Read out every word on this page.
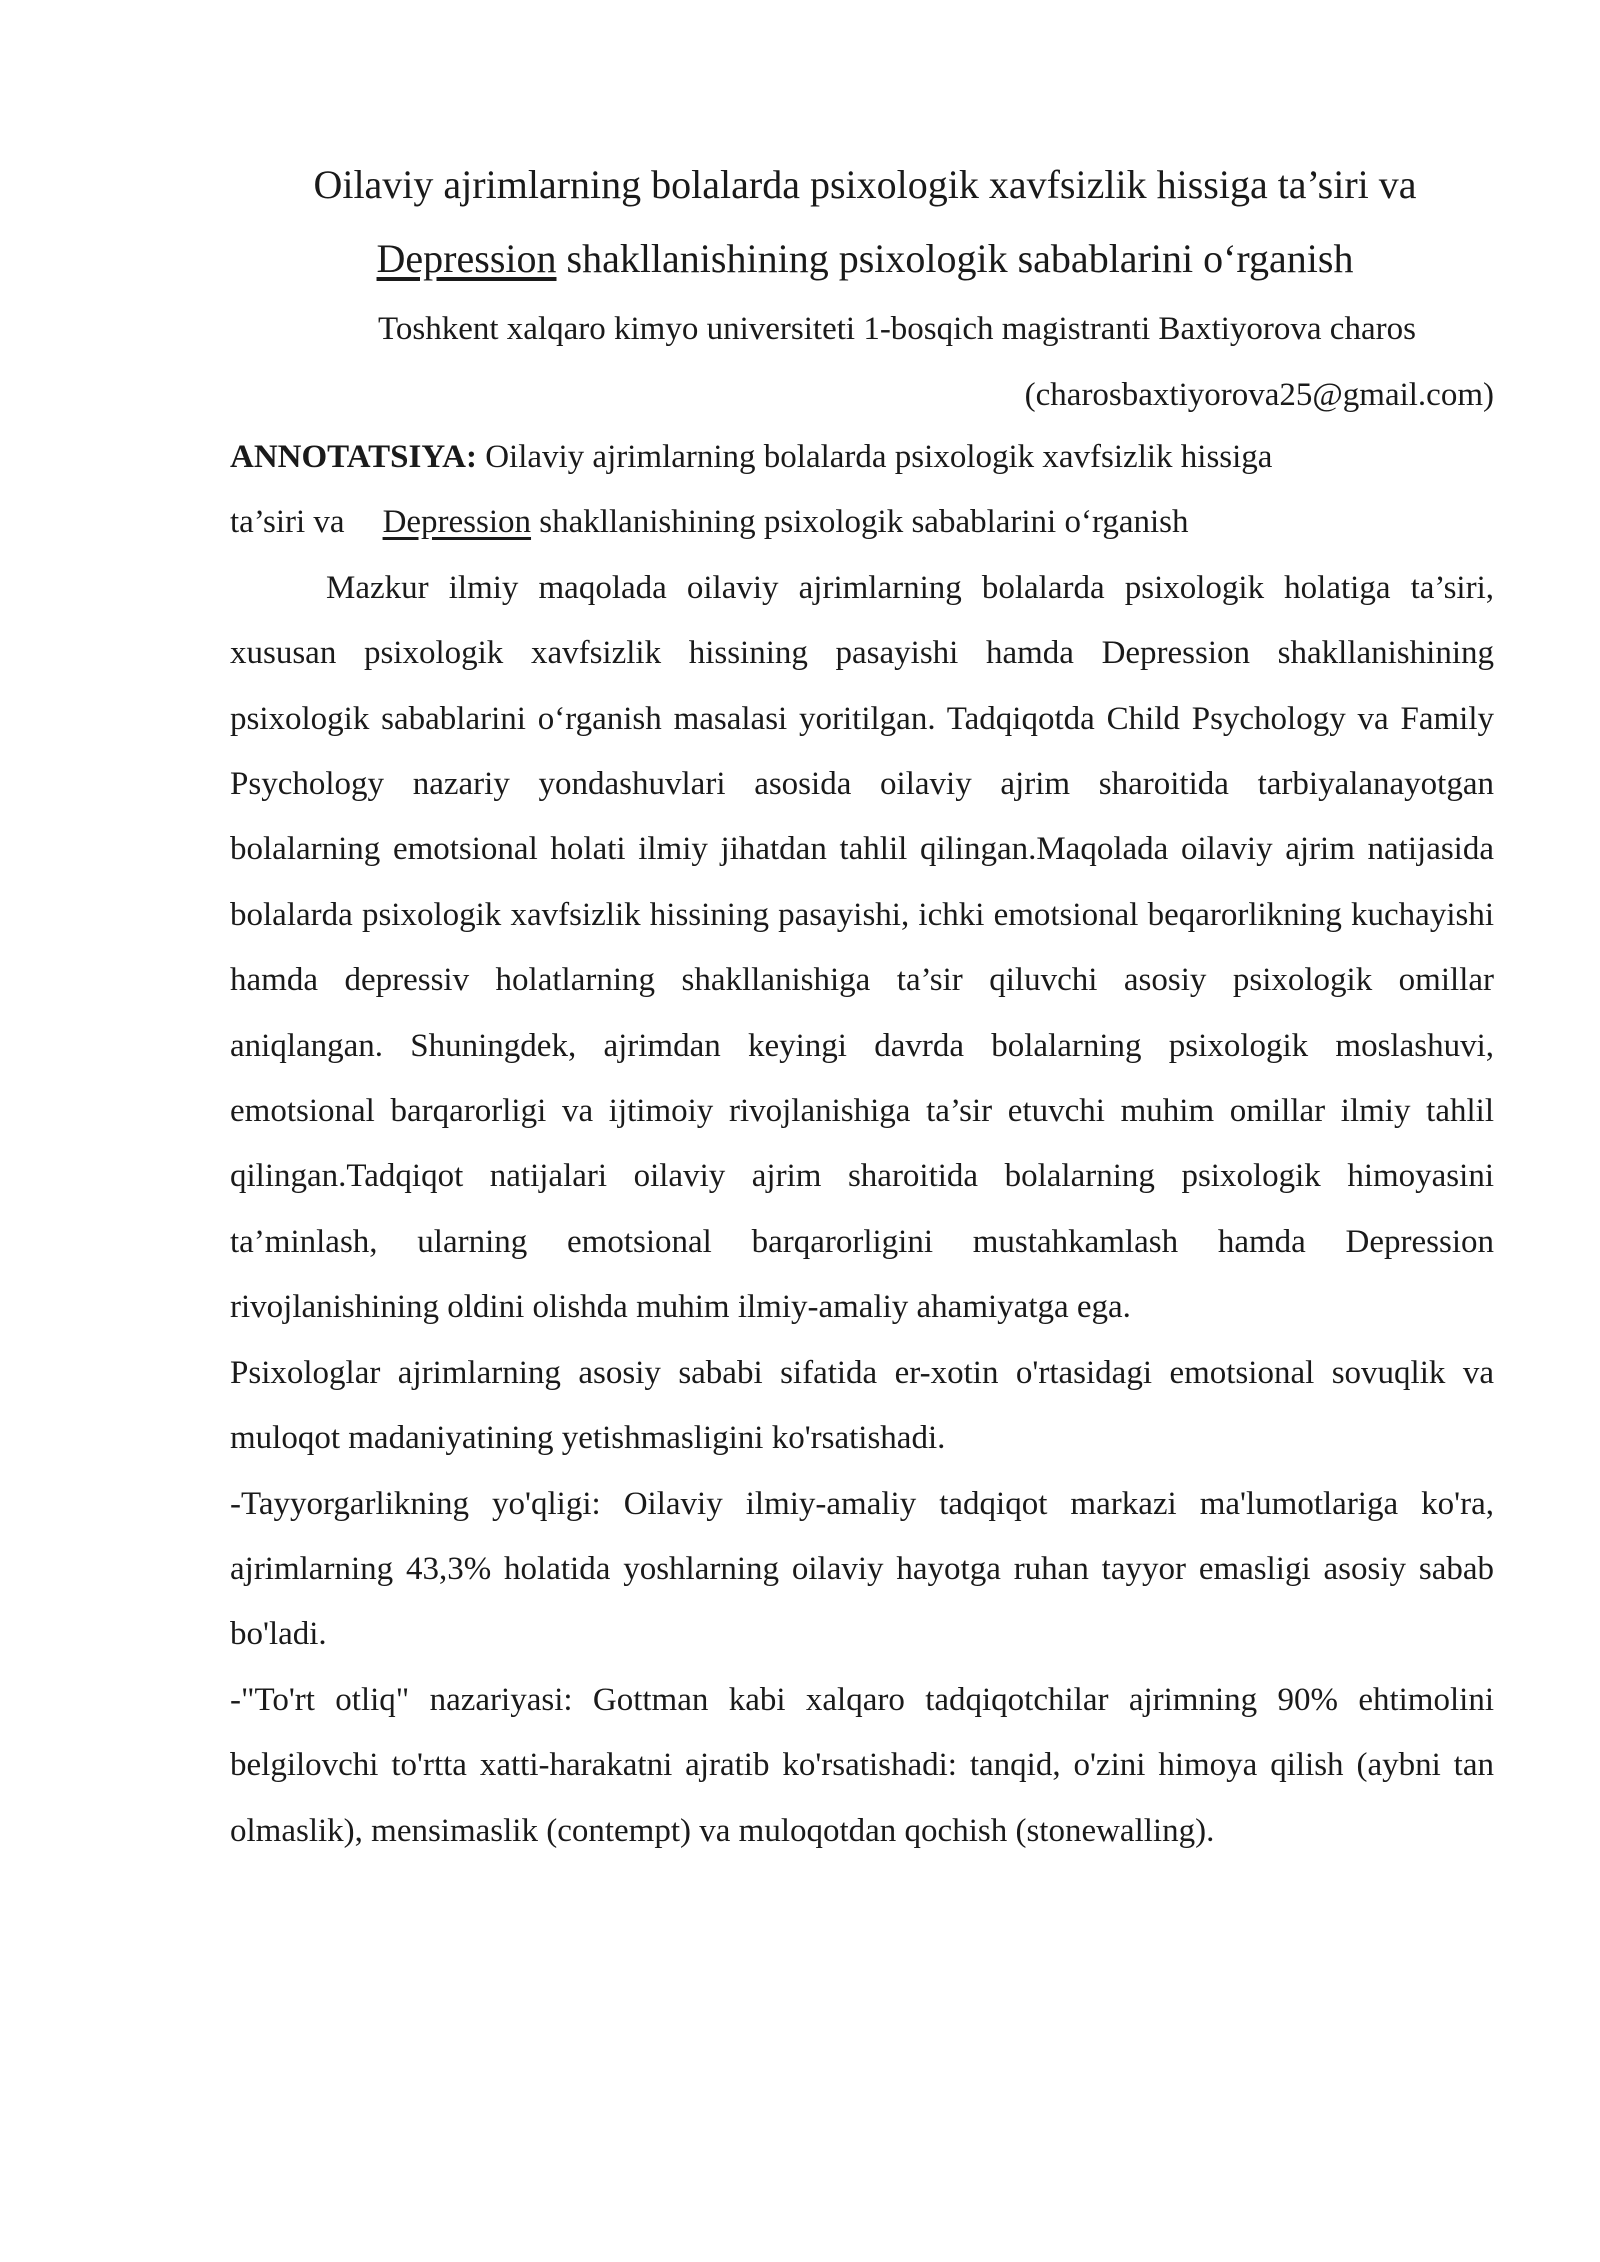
Oilaviy ajrimlarning bolalarda psixologik xavfsizlik hissiga ta’siri va
Depression shakllanishining psixologik sabablarini o‘rganish
Toshkent xalqaro kimyo universiteti 1-bosqich magistranti Baxtiyorova charos
(charosbaxtiyorova25@gmail.com)

ANNOTATSIYA: Oilaviy ajrimlarning bolalarda psixologik xavfsizlik hissiga

ta’siri va Depression shakllanishining psixologik sabablarini o‘rganish

Mazkur ilmiy maqolada oilaviy ajrimlarning bolalarda psixologik holatiga ta’siri, xususan psixologik xavfsizlik hissining pasayishi hamda Depression shakllanishining psixologik sabablarini o‘rganish masalasi yoritilgan. Tadqiqotda Child Psychology va Family Psychology nazariy yondashuvlari asosida oilaviy ajrim sharoitida tarbiyalanayotgan bolalarning emotsional holati ilmiy jihatdan tahlil qilingan.Maqolada oilaviy ajrim natijasida bolalarda psixologik xavfsizlik hissining pasayishi, ichki emotsional beqarorlikning kuchayishi hamda depressiv holatlarning shakllanishiga ta’sir qiluvchi asosiy psixologik omillar aniqlangan. Shuningdek, ajrimdan keyingi davrda bolalarning psixologik moslashuvi, emotsional barqarorligi va ijtimoiy rivojlanishiga ta’sir etuvchi muhim omillar ilmiy tahlil qilingan.Tadqiqot natijalari oilaviy ajrim sharoitida bolalarning psixologik himoyasini ta’minlash, ularning emotsional barqarorligini mustahkamlash hamda Depression rivojlanishining oldini olishda muhim ilmiy-amaliy ahamiyatga ega.

Psixologlar ajrimlarning asosiy sababi sifatida er-xotin o'rtasidagi emotsional sovuqlik va muloqot madaniyatining yetishmasligini ko'rsatishadi.

-Tayyorgarlikning yo'qligi: Oilaviy ilmiy-amaliy tadqiqot markazi ma'lumotlariga ko'ra, ajrimlarning 43,3% holatida yoshlarning oilaviy hayotga ruhan tayyor emasligi asosiy sabab bo'ladi.

-"To'rt otliq" nazariyasi: Gottman kabi xalqaro tadqiqotchilar ajrimning 90% ehtimolini belgilovchi to'rtta xatti-harakatni ajratib ko'rsatishadi: tanqid, o'zini himoya qilish (aybni tan olmaslik), mensimaslik (contempt) va muloqotdan qochish (stonewalling).
